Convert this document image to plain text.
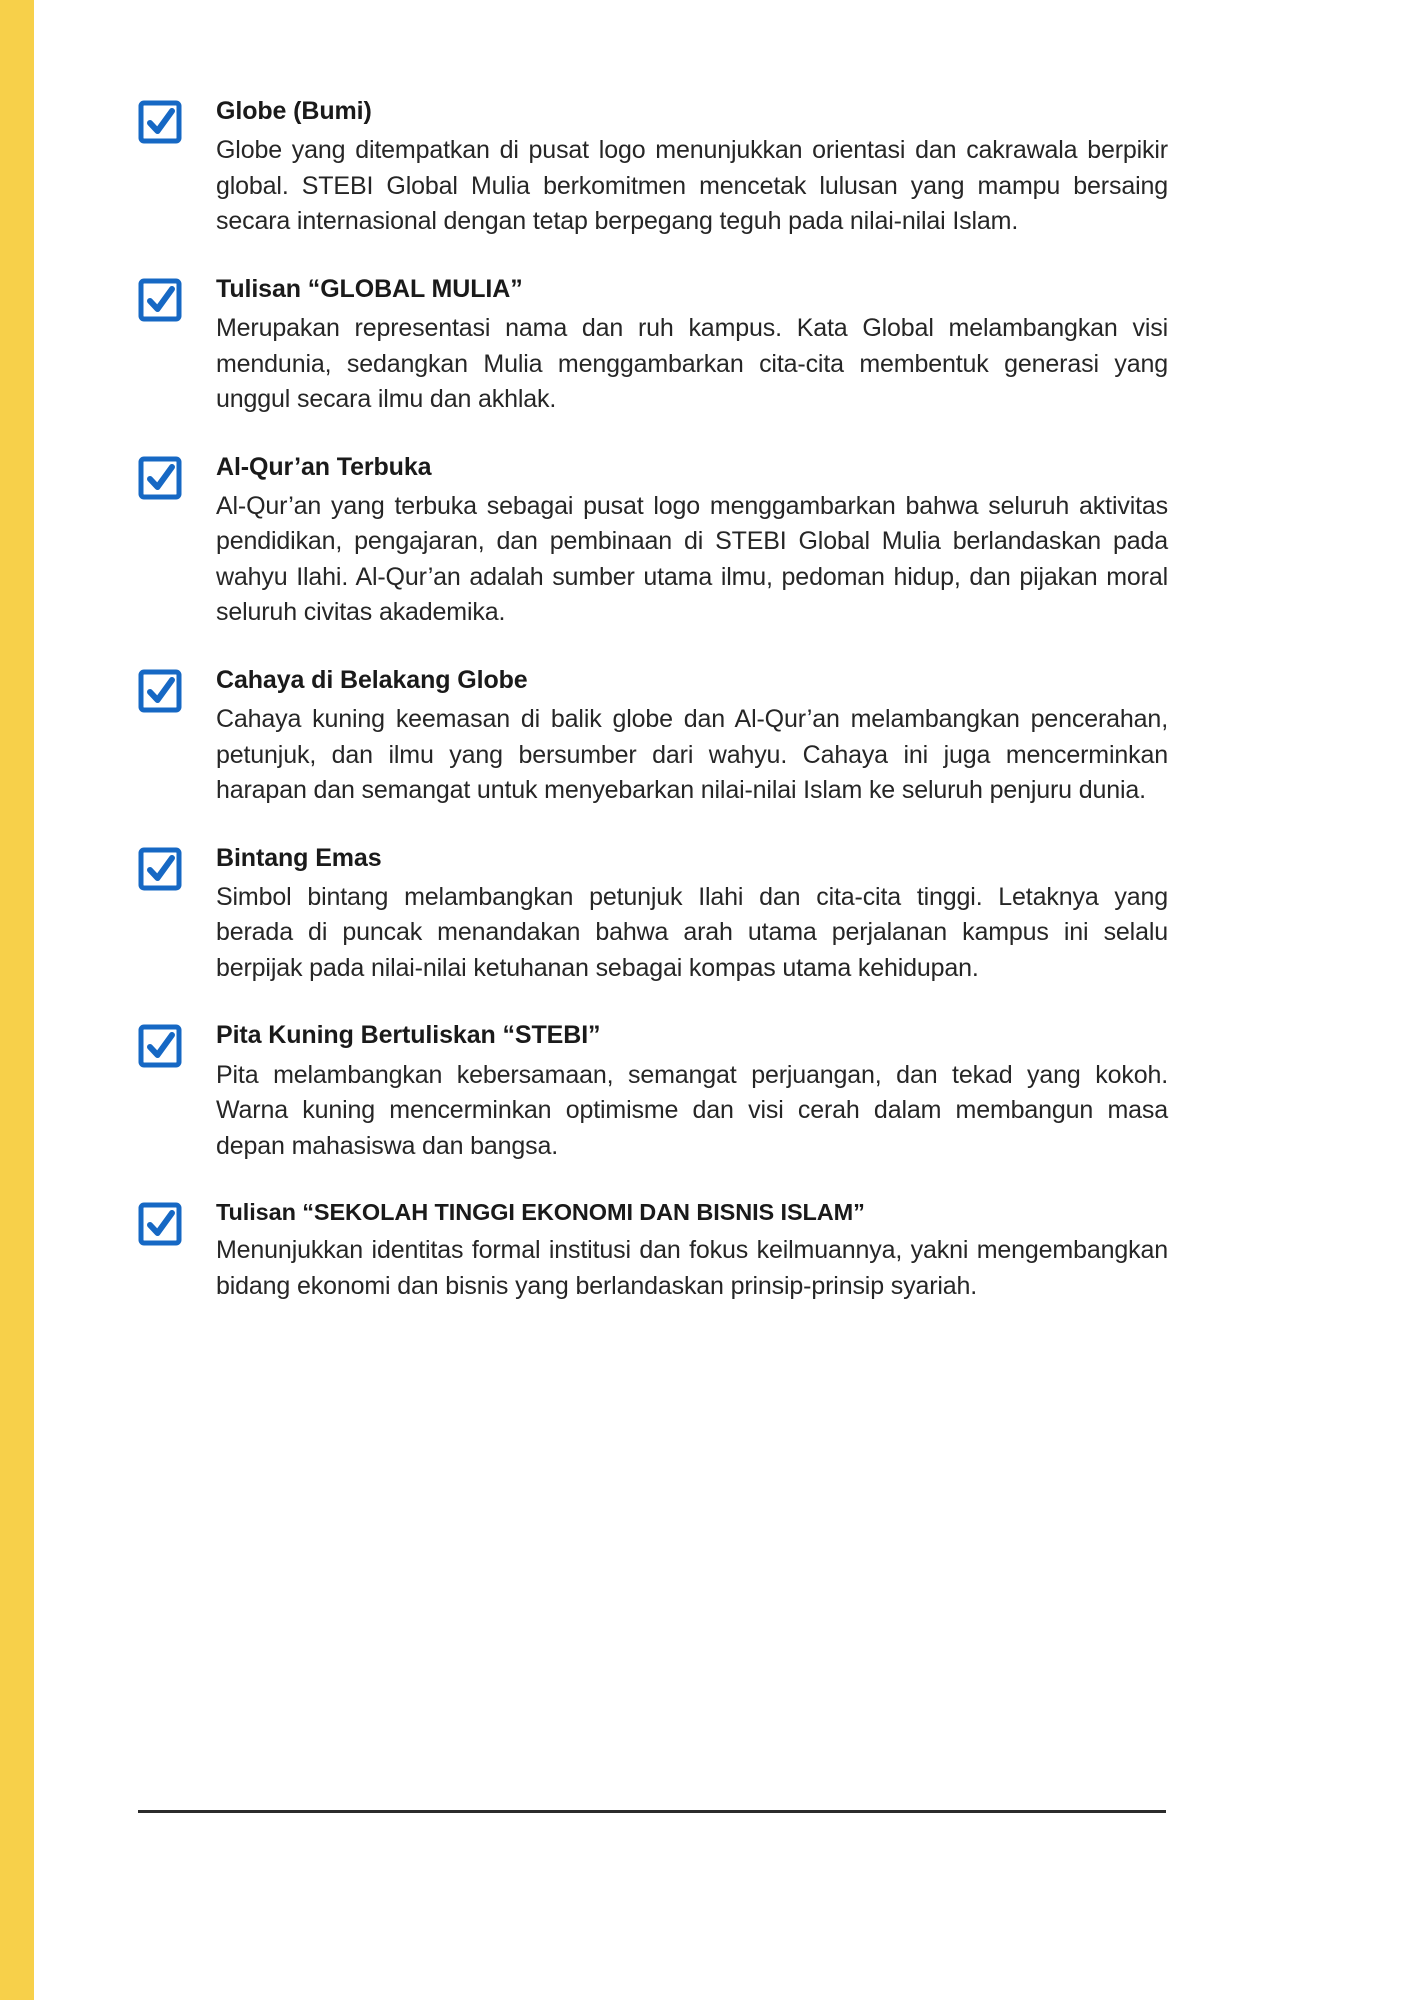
Globe (Bumi)

Globe yang ditempatkan di pusat logo menunjukkan orientasi dan cakrawala berpikir global. STEBI Global Mulia berkomitmen mencetak lulusan yang mampu bersaing secara internasional dengan tetap berpegang teguh pada nilai-nilai Islam.

Tulisan “GLOBAL MULIA”

Merupakan representasi nama dan ruh kampus. Kata Global melambangkan visi mendunia, sedangkan Mulia menggambarkan cita-cita membentuk generasi yang unggul secara ilmu dan akhlak.

Al-Qur’an Terbuka

Al-Qur’an yang terbuka sebagai pusat logo menggambarkan bahwa seluruh aktivitas pendidikan, pengajaran, dan pembinaan di STEBI Global Mulia berlandaskan pada wahyu Ilahi. Al-Qur’an adalah sumber utama ilmu, pedoman hidup, dan pijakan moral seluruh civitas akademika.

Cahaya di Belakang Globe

Cahaya kuning keemasan di balik globe dan Al-Qur’an melambangkan pencerahan, petunjuk, dan ilmu yang bersumber dari wahyu. Cahaya ini juga mencerminkan harapan dan semangat untuk menyebarkan nilai-nilai Islam ke seluruh penjuru dunia.

Bintang Emas

Simbol bintang melambangkan petunjuk Ilahi dan cita-cita tinggi. Letaknya yang berada di puncak menandakan bahwa arah utama perjalanan kampus ini selalu berpijak pada nilai-nilai ketuhanan sebagai kompas utama kehidupan.

Pita Kuning Bertuliskan “STEBI”

Pita melambangkan kebersamaan, semangat perjuangan, dan tekad yang kokoh. Warna kuning mencerminkan optimisme dan visi cerah dalam membangun masa depan mahasiswa dan bangsa.

Tulisan “SEKOLAH TINGGI EKONOMI DAN BISNIS ISLAM”

Menunjukkan identitas formal institusi dan fokus keilmuannya, yakni mengembangkan bidang ekonomi dan bisnis yang berlandaskan prinsip-prinsip syariah.
